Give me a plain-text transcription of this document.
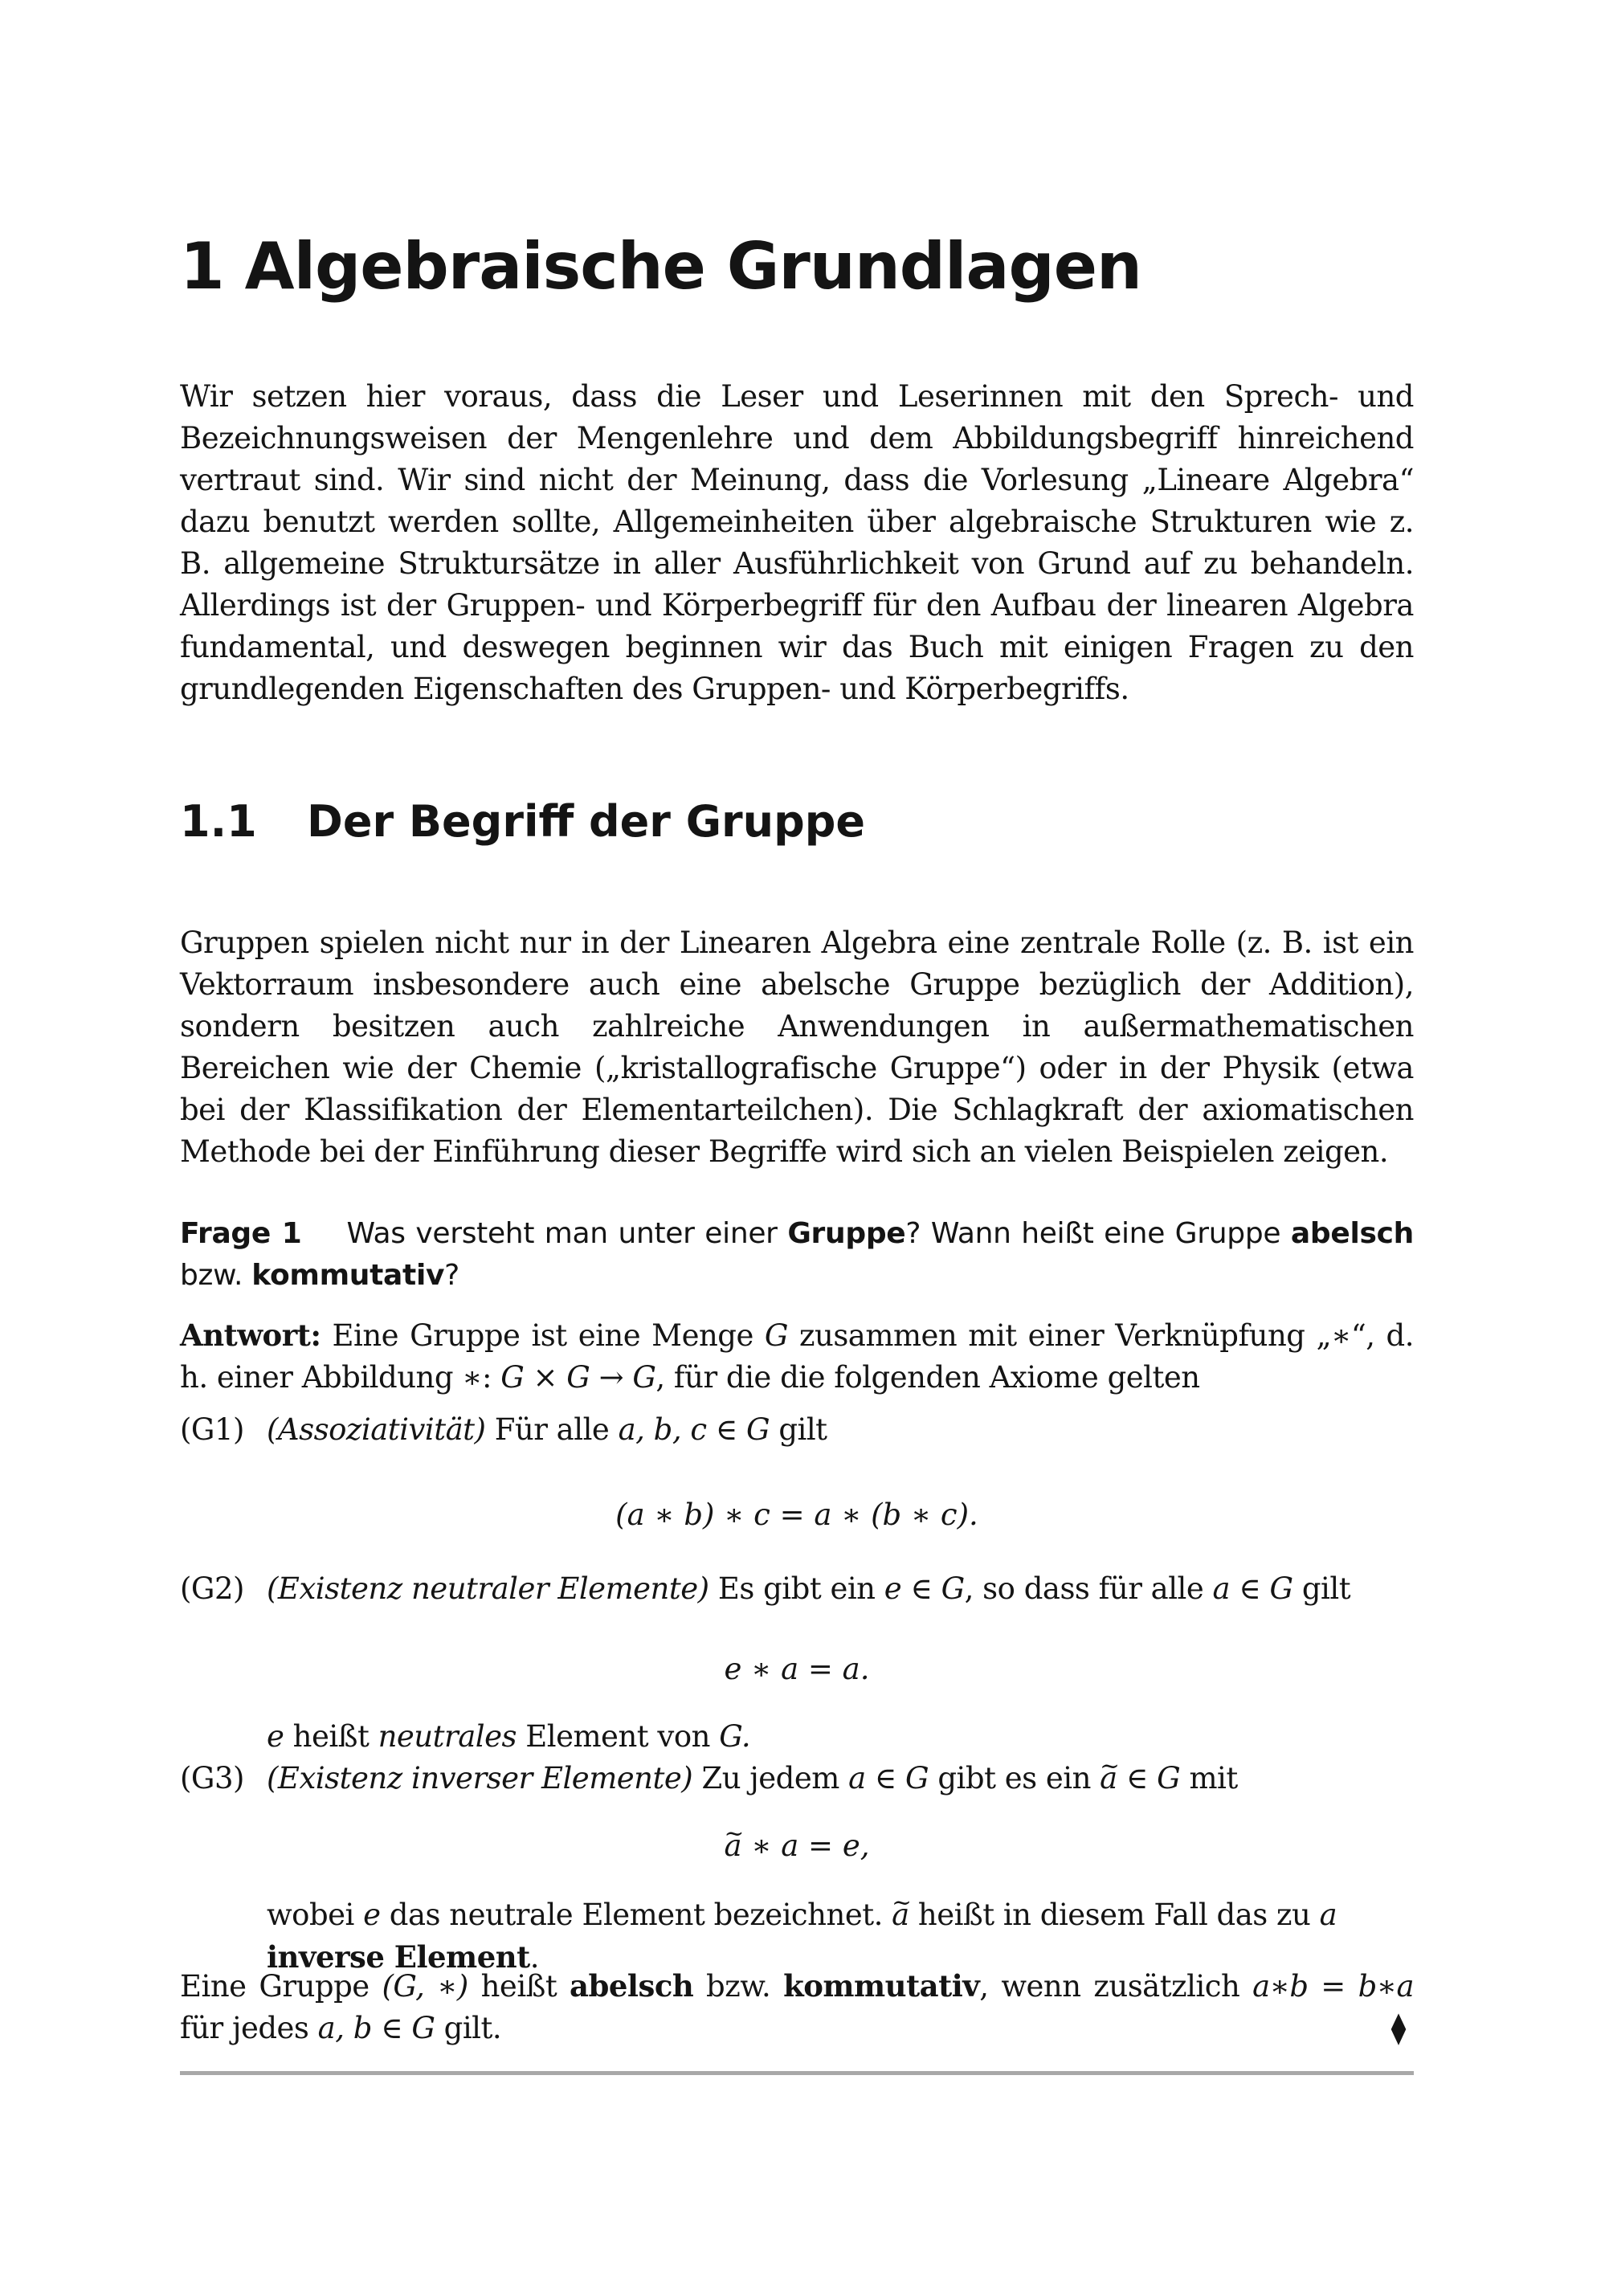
1 Algebraische Grundlagen

Wir setzen hier voraus, dass die Leser und Leserinnen mit den Sprech- und Bezeichnungsweisen der Mengenlehre und dem Abbildungsbegriff hinreichend vertraut sind. Wir sind nicht der Meinung, dass die Vorlesung „Lineare Algebra“ dazu benutzt werden sollte, Allgemeinheiten über algebraische Strukturen wie z. B. allgemeine Struktursätze in aller Ausführlichkeit von Grund auf zu behandeln. Allerdings ist der Gruppen- und Körperbegriff für den Aufbau der linearen Algebra fundamental, und deswegen beginnen wir das Buch mit einigen Fragen zu den grundlegenden Eigenschaften des Gruppen- und Körperbegriffs.

1.1 Der Begriff der Gruppe

Gruppen spielen nicht nur in der Linearen Algebra eine zentrale Rolle (z. B. ist ein Vektorraum insbesondere auch eine abelsche Gruppe bezüglich der Addition), sondern besitzen auch zahlreiche Anwendungen in außermathematischen Bereichen wie der Chemie („kristallografische Gruppe“) oder in der Physik (etwa bei der Klassifikation der Elementarteilchen). Die Schlagkraft der axiomatischen Methode bei der Einführung dieser Begriffe wird sich an vielen Beispielen zeigen.

Frage 1 Was versteht man unter einer Gruppe? Wann heißt eine Gruppe abelsch bzw. kommutativ?

Antwort: Eine Gruppe ist eine Menge G zusammen mit einer Verknüpfung „∗“, d. h. einer Abbildung ∗: G × G → G, für die die folgenden Axiome gelten

(G1) (Assoziativität) Für alle a, b, c ∈ G gilt

(a ∗ b) ∗ c = a ∗ (b ∗ c).

(G2) (Existenz neutraler Elemente) Es gibt ein e ∈ G, so dass für alle a ∈ G gilt

e ∗ a = a.

e heißt neutrales Element von G.

(G3) (Existenz inverser Elemente) Zu jedem a ∈ G gibt es ein ~ a ∈ G mit

~ a ∗ a = e,

wobei e das neutrale Element bezeichnet. ~ a heißt in diesem Fall das zu a
inverse Element.

Eine Gruppe (G, ∗) heißt abelsch bzw. kommutativ, wenn zusätzlich a∗b = b∗a für jedes a, b ∈ G gilt.	⧫
